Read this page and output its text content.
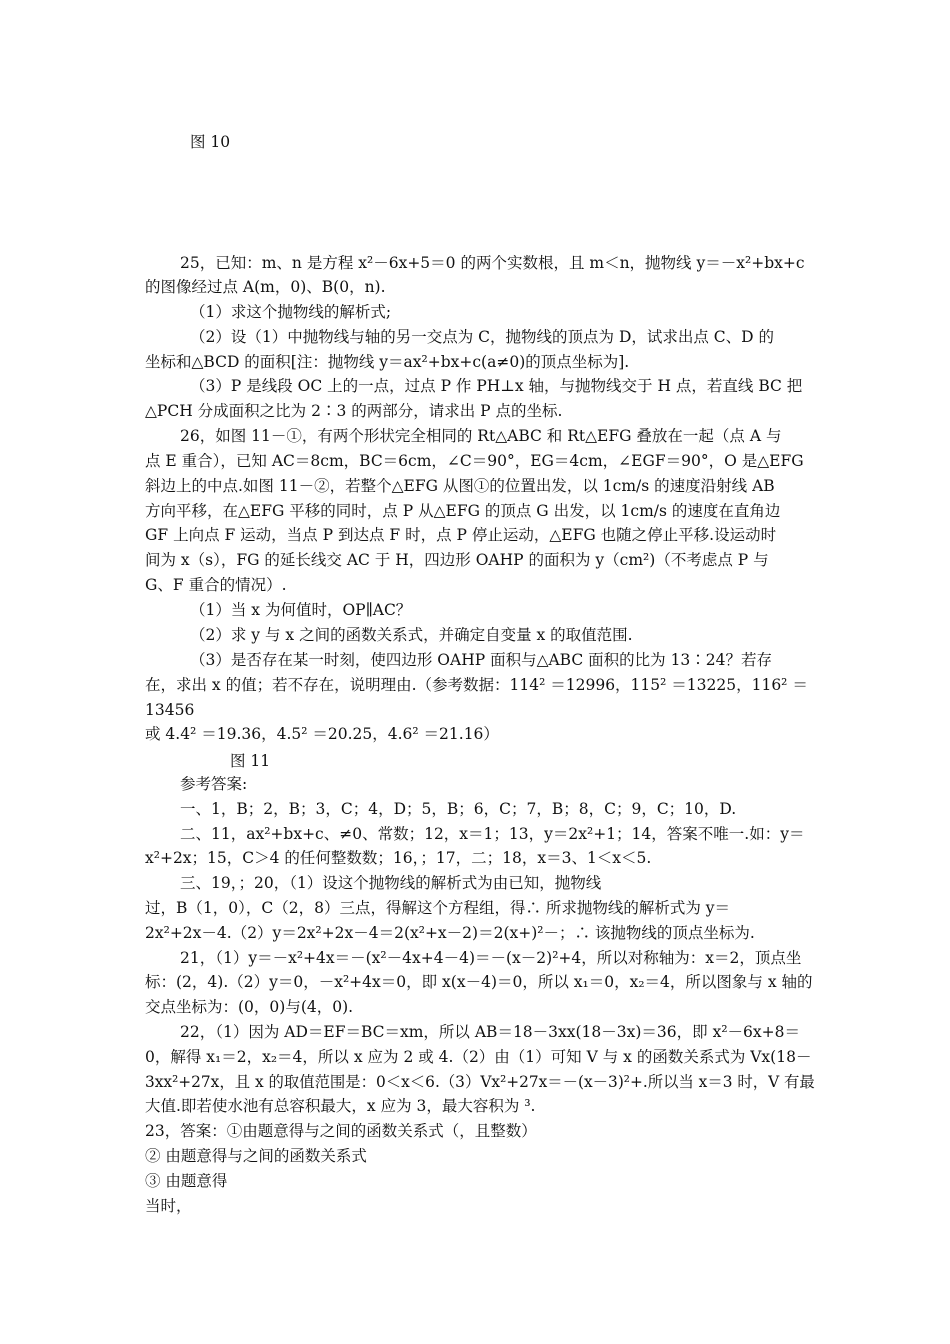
图 10
25，已知：m、n 是方程 x²－6x+5＝0 的两个实数根，且 m＜n，抛物线 y＝－x²+bx+c
的图像经过点 A(m，0)、B(0，n).
（1）求这个抛物线的解析式;
（2）设（1）中抛物线与轴的另一交点为 C，抛物线的顶点为 D，试求出点 C、D 的
坐标和△BCD 的面积[注：抛物线 y＝ax²+bx+c(a≠0)的顶点坐标为].
（3）P 是线段 OC 上的一点，过点 P 作 PH⊥x 轴，与抛物线交于 H 点，若直线 BC 把
△PCH 分成面积之比为 2∶3 的两部分，请求出 P 点的坐标.
26，如图 11－①，有两个形状完全相同的 Rt△ABC 和 Rt△EFG 叠放在一起（点 A 与
点 E 重合），已知 AC＝8cm，BC＝6cm，∠C＝90°，EG＝4cm，∠EGF＝90°，O 是△EFG
斜边上的中点.如图 11－②，若整个△EFG 从图①的位置出发，以 1cm/s 的速度沿射线 AB
方向平移，在△EFG 平移的同时，点 P 从△EFG 的顶点 G 出发，以 1cm/s 的速度在直角边
GF 上向点 F 运动，当点 P 到达点 F 时，点 P 停止运动，△EFG 也随之停止平移.设运动时
间为 x（s），FG 的延长线交 AC 于 H，四边形 OAHP 的面积为 y（cm²)（不考虑点 P 与
G、F 重合的情况）.
（1）当 x 为何值时，OP∥AC？
（2）求 y 与 x 之间的函数关系式，并确定自变量 x 的取值范围.
（3）是否存在某一时刻，使四边形 OAHP 面积与△ABC 面积的比为 13∶24？若存
在，求出 x 的值；若不存在，说明理由.（参考数据：114² ＝12996，115² ＝13225，116² ＝
13456
或 4.4² ＝19.36，4.5² ＝20.25，4.6² ＝21.16）
图 11
参考答案:
一、1，B；2，B；3，C；4，D；5，B；6，C；7，B；8，C；9，C；10，D.
二、11，ax²+bx+c、≠0、常数；12，x＝1；13，y＝2x²+1；14，答案不唯一.如：y＝
x²+2x；15，C＞4 的任何整数数；16，；17，二；18，x＝3、1＜x＜5.
三、19，；20，（1）设这个抛物线的解析式为由已知，抛物线
过，B（1，0），C（2，8）三点，得解这个方程组，得∴ 所求抛物线的解析式为 y＝
2x²+2x－4.（2）y＝2x²+2x－4＝2(x²+x－2)＝2(x+)²－；∴ 该抛物线的顶点坐标为.
21，（1）y＝－x²+4x＝－(x²－4x+4－4)＝－(x－2)²+4，所以对称轴为：x＝2，顶点坐
标：(2，4).（2）y＝0，－x²+4x＝0，即 x(x－4)＝0，所以 x₁＝0，x₂＝4，所以图象与 x 轴的
交点坐标为：(0，0)与(4，0).
22，（1）因为 AD＝EF＝BC＝xm，所以 AB＝18－3xx(18－3x)＝36，即 x²－6x+8＝
0，解得 x₁＝2，x₂＝4，所以 x 应为 2 或 4.（2）由（1）可知 V 与 x 的函数关系式为 Vx(18－
3xx²+27x，且 x 的取值范围是：0＜x＜6.（3）Vx²+27x＝－(x－3)²+.所以当 x＝3 时，V 有最
大值.即若使水池有总容积最大，x 应为 3，最大容积为 ³.
23，答案：①由题意得与之间的函数关系式（，且整数）
② 由题意得与之间的函数关系式
③ 由题意得
当时，
